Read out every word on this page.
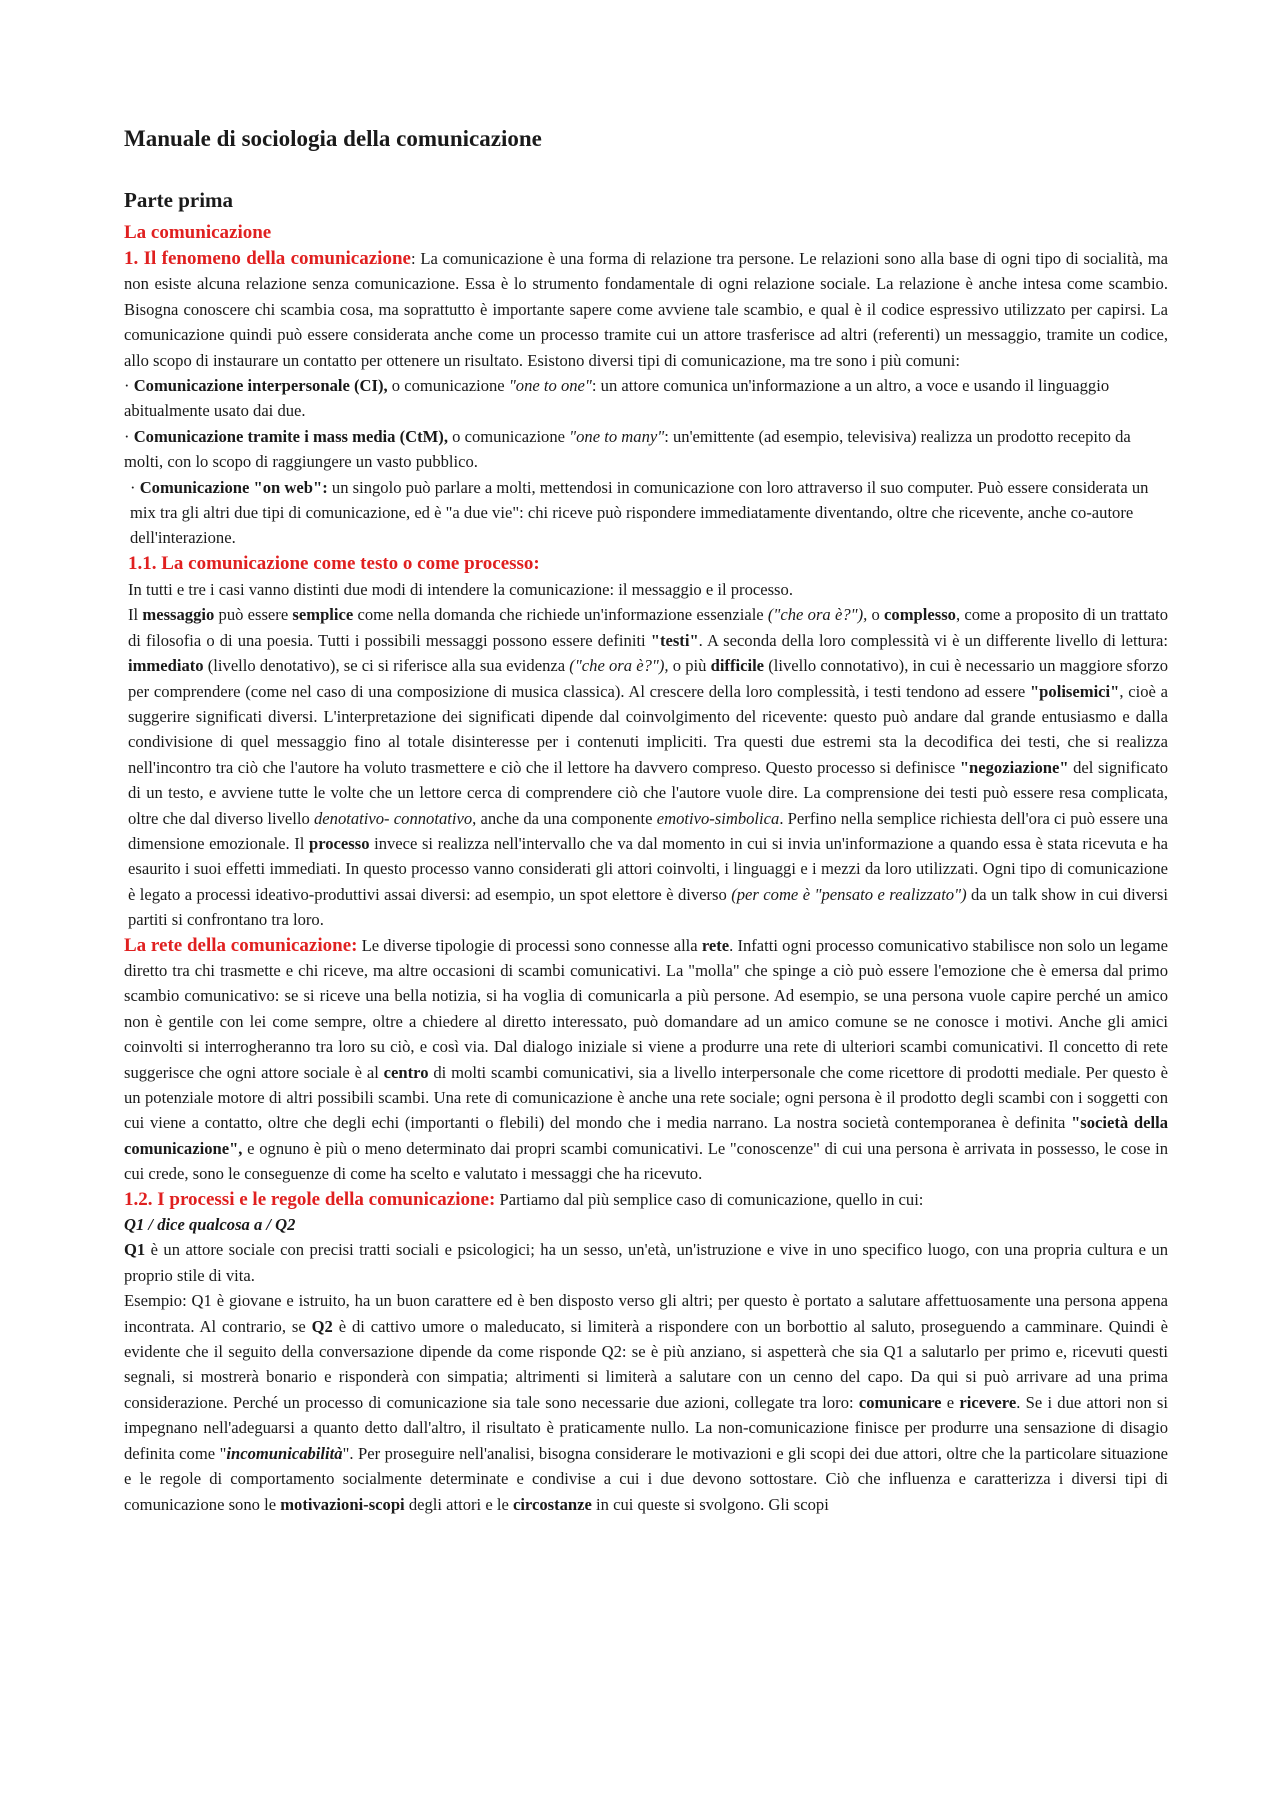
Manuale di sociologia della comunicazione
Parte prima
La comunicazione

1. Il fenomeno della comunicazione: La comunicazione è una forma di relazione tra persone. Le relazioni sono alla base di ogni tipo di socialità, ma non esiste alcuna relazione senza comunicazione. Essa è lo strumento fondamentale di ogni relazione sociale. La relazione è anche intesa come scambio. Bisogna conoscere chi scambia cosa, ma soprattutto è importante sapere come avviene tale scambio, e qual è il codice espressivo utilizzato per capirsi. La comunicazione quindi può essere considerata anche come un processo tramite cui un attore trasferisce ad altri (referenti) un messaggio, tramite un codice, allo scopo di instaurare un contatto per ottenere un risultato. Esistono diversi tipi di comunicazione, ma tre sono i più comuni:

· Comunicazione interpersonale (CI), o comunicazione "one to one": un attore comunica un'informazione a un altro, a voce e usando il linguaggio abitualmente usato dai due.

· Comunicazione tramite i mass media (CtM), o comunicazione "one to many": un'emittente (ad esempio, televisiva) realizza un prodotto recepito da molti, con lo scopo di raggiungere un vasto pubblico.

· Comunicazione "on web": un singolo può parlare a molti, mettendosi in comunicazione con loro attraverso il suo computer. Può essere considerata un mix tra gli altri due tipi di comunicazione, ed è "a due vie": chi riceve può rispondere immediatamente diventando, oltre che ricevente, anche co-autore dell'interazione.

1.1. La comunicazione come testo o come processo:

In tutti e tre i casi vanno distinti due modi di intendere la comunicazione: il messaggio e il processo.

Il messaggio può essere semplice come nella domanda che richiede un'informazione essenziale ("che ora è?"), o complesso, come a proposito di un trattato di filosofia o di una poesia. Tutti i possibili messaggi possono essere definiti "testi". A seconda della loro complessità vi è un differente livello di lettura: immediato (livello denotativo), se ci si riferisce alla sua evidenza ("che ora è?"), o più difficile (livello connotativo), in cui è necessario un maggiore sforzo per comprendere (come nel caso di una composizione di musica classica). Al crescere della loro complessità, i testi tendono ad essere "polisemici", cioè a suggerire significati diversi. L'interpretazione dei significati dipende dal coinvolgimento del ricevente: questo può andare dal grande entusiasmo e dalla condivisione di quel messaggio fino al totale disinteresse per i contenuti impliciti. Tra questi due estremi sta la decodifica dei testi, che si realizza nell'incontro tra ciò che l'autore ha voluto trasmettere e ciò che il lettore ha davvero compreso. Questo processo si definisce "negoziazione" del significato di un testo, e avviene tutte le volte che un lettore cerca di comprendere ciò che l'autore vuole dire. La comprensione dei testi può essere resa complicata, oltre che dal diverso livello denotativo- connotativo, anche da una componente emotivo-simbolica. Perfino nella semplice richiesta dell'ora ci può essere una dimensione emozionale. Il processo invece si realizza nell'intervallo che va dal momento in cui si invia un'informazione a quando essa è stata ricevuta e ha esaurito i suoi effetti immediati. In questo processo vanno considerati gli attori coinvolti, i linguaggi e i mezzi da loro utilizzati. Ogni tipo di comunicazione è legato a processi ideativo-produttivi assai diversi: ad esempio, un spot elettore è diverso (per come è "pensato e realizzato") da un talk show in cui diversi partiti si confrontano tra loro.

La rete della comunicazione: Le diverse tipologie di processi sono connesse alla rete. Infatti ogni processo comunicativo stabilisce non solo un legame diretto tra chi trasmette e chi riceve, ma altre occasioni di scambi comunicativi. La "molla" che spinge a ciò può essere l'emozione che è emersa dal primo scambio comunicativo: se si riceve una bella notizia, si ha voglia di comunicarla a più persone. Ad esempio, se una persona vuole capire perché un amico non è gentile con lei come sempre, oltre a chiedere al diretto interessato, può domandare ad un amico comune se ne conosce i motivi. Anche gli amici coinvolti si interrogheranno tra loro su ciò, e così via. Dal dialogo iniziale si viene a produrre una rete di ulteriori scambi comunicativi. Il concetto di rete suggerisce che ogni attore sociale è al centro di molti scambi comunicativi, sia a livello interpersonale che come ricettore di prodotti mediale. Per questo è un potenziale motore di altri possibili scambi. Una rete di comunicazione è anche una rete sociale; ogni persona è il prodotto degli scambi con i soggetti con cui viene a contatto, oltre che degli echi (importanti o flebili) del mondo che i media narrano. La nostra società contemporanea è definita "società della comunicazione", e ognuno è più o meno determinato dai propri scambi comunicativi. Le "conoscenze" di cui una persona è arrivata in possesso, le cose in cui crede, sono le conseguenze di come ha scelto e valutato i messaggi che ha ricevuto.

1.2. I processi e le regole della comunicazione: Partiamo dal più semplice caso di comunicazione, quello in cui:

Q1 / dice qualcosa a / Q2

Q1 è un attore sociale con precisi tratti sociali e psicologici; ha un sesso, un'età, un'istruzione e vive in uno specifico luogo, con una propria cultura e un proprio stile di vita.

Esempio: Q1 è giovane e istruito, ha un buon carattere ed è ben disposto verso gli altri; per questo è portato a salutare affettuosamente una persona appena incontrata. Al contrario, se Q2 è di cattivo umore o maleducato, si limiterà a rispondere con un borbottio al saluto, proseguendo a camminare. Quindi è evidente che il seguito della conversazione dipende da come risponde Q2: se è più anziano, si aspetterà che sia Q1 a salutarlo per primo e, ricevuti questi segnali, si mostrerà bonario e risponderà con simpatia; altrimenti si limiterà a salutare con un cenno del capo. Da qui si può arrivare ad una prima considerazione. Perché un processo di comunicazione sia tale sono necessarie due azioni, collegate tra loro: comunicare e ricevere. Se i due attori non si impegnano nell'adeguarsi a quanto detto dall'altro, il risultato è praticamente nullo. La non-comunicazione finisce per produrre una sensazione di disagio definita come "incomunicabilità". Per proseguire nell'analisi, bisogna considerare le motivazioni e gli scopi dei due attori, oltre che la particolare situazione e le regole di comportamento socialmente determinate e condivise a cui i due devono sottostare. Ciò che influenza e caratterizza i diversi tipi di comunicazione sono le motivazioni-scopi degli attori e le circostanze in cui queste si svolgono. Gli scopi
